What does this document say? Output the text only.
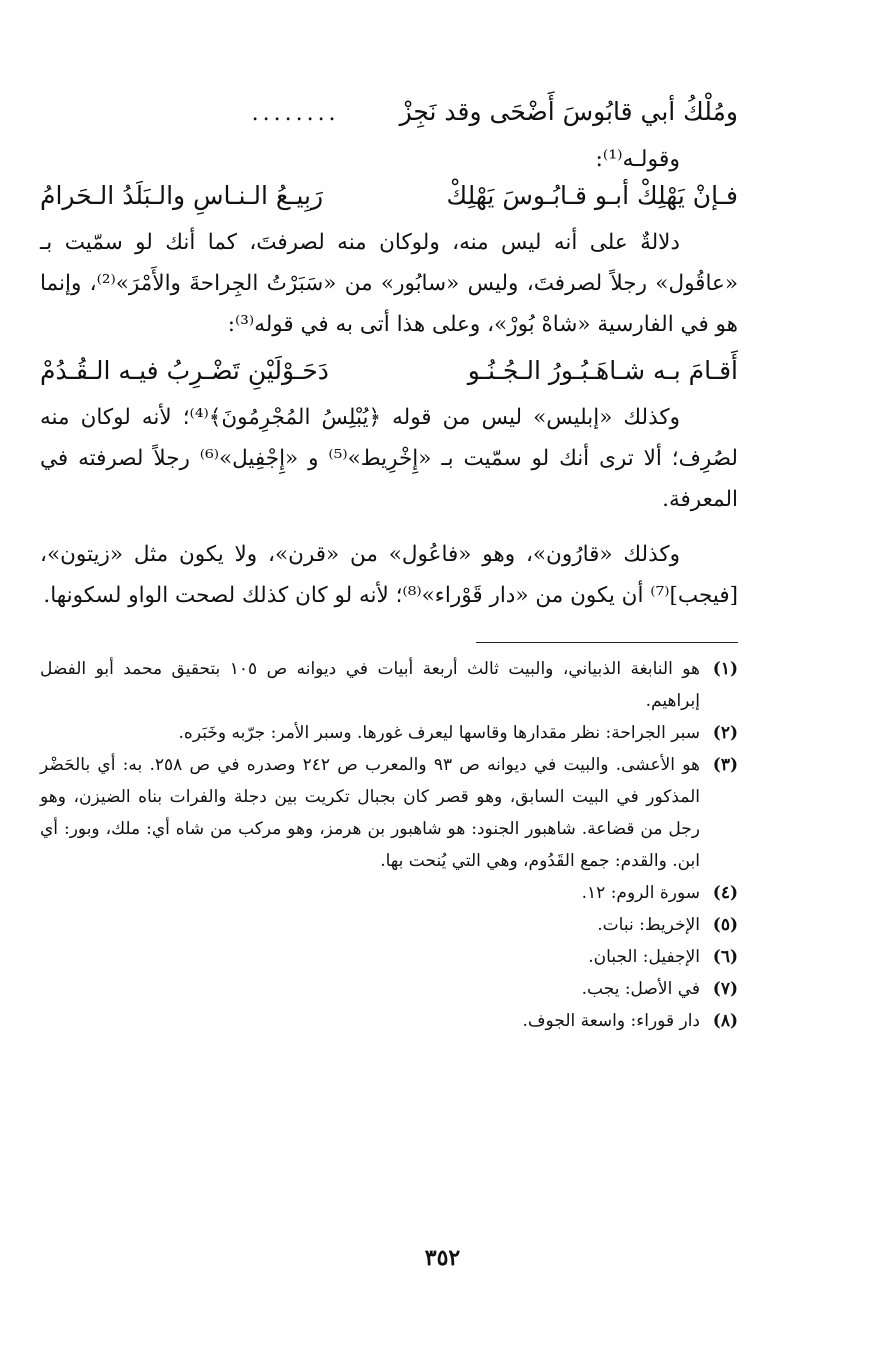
ومُلْكُ أبي قابُوسَ أَضْحَى وقد نَجِزْ
........
وقولـه⁽¹⁾:
فـإنْ يَهْلِكْ أبـو قـابُـوسَ يَهْلِكْ
رَبِيـعُ الـنـاسِ والـبَلَدُ الـحَرامُ

دلالةٌ على أنه ليس منه، ولوكان منه لصرفتَ، كما أنك لو سمّيت بـ «عاقُول» رجلاً لصرفتَ، وليس «سابُور» من «سَبَرْتُ الجِراحةَ والأَمْرَ»⁽²⁾، وإنما هو في الفارسية «شاهْ بُورْ»، وعلى هذا أتى به في قوله⁽³⁾:

أَقـامَ بـه شـاهَـبُـورُ الـجُـنُـو
دَحَـوْلَيْنِ تَضْـرِبُ فيـه الـقُـدُمْ

وكذلك «إبليس» ليس من قوله ﴿يُبْلِسُ المُجْرِمُونَ﴾⁽⁴⁾؛ لأنه لوكان منه لصُرِف؛ ألا ترى أنك لو سمّيت بـ «إِخْرِيط»⁽⁵⁾ و «إِجْفِيل»⁽⁶⁾ رجلاً لصرفته في المعرفة.

وكذلك «قارُون»، وهو «فاعُول» من «قرن»، ولا يكون مثل «زيتون»، [فيجب]⁽⁷⁾ أن يكون من «دار قَوْراء»⁽⁸⁾؛ لأنه لو كان كذلك لصحت الواو لسكونها.

(١)
هو النابغة الذبياني، والبيت ثالث أربعة أبيات في ديوانه ص ١٠٥ بتحقيق محمد أبو الفضل إبراهيم.
(٢)
سبر الجراحة: نظر مقدارها وقاسها ليعرف غورها. وسبر الأمر: جرّبه وخَبَره.
(٣)
هو الأعشى. والبيت في ديوانه ص ٩٣ والمعرب ص ٢٤٢ وصدره في ص ٢٥٨. به: أي بالحَضْر المذكور في البيت السابق، وهو قصر كان بجبال تكريت بين دجلة والفرات بناه الضيزن، وهو رجل من قضاعة. شاهبور الجنود: هو شاهبور بن هرمز، وهو مركب من شاه أي: ملك، وبور: أي ابن. والقدم: جمع القَدُوم، وهي التي يُنحت بها.
(٤)
سورة الروم: ١٢.
(٥)
الإخريط: نبات.
(٦)
الإجفيل: الجبان.
(٧)
في الأصل: يجب.
(٨)
دار قوراء: واسعة الجوف.
٣٥٢
